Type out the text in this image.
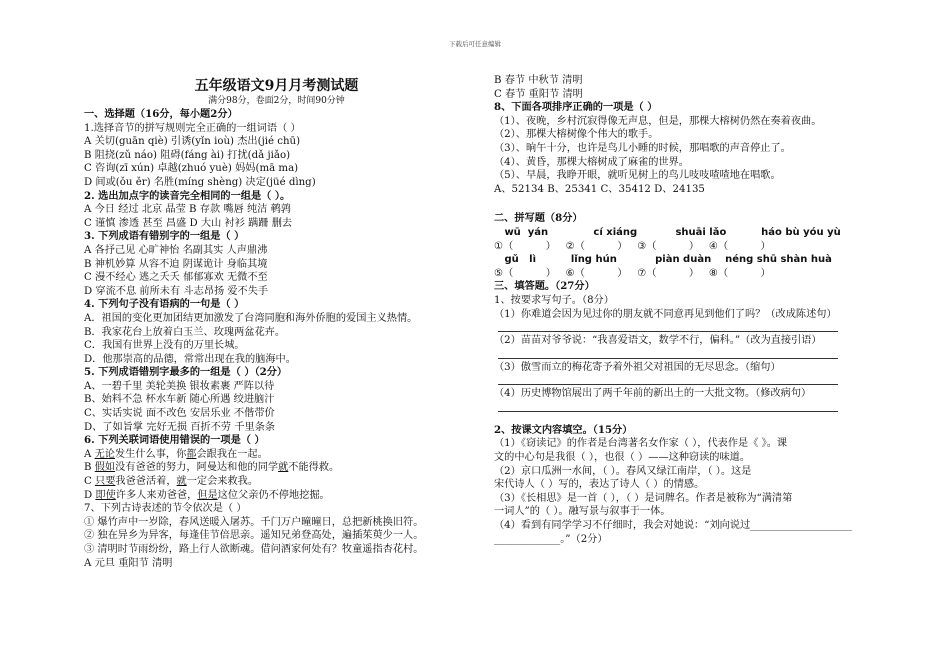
下载后可任意编辑
五年级语文9月月考测试题
满分98分，卷面2分，时间90分钟
一、选择题（16分，每小题2分）
1.选择音节的拼写规则完全正确的一组词语（ ）
A 关切(guān qiè) 引诱(yǐn ioù) 杰出(jié chū)
B 阻挠(zǔ náo) 阻碍(fáng ài) 打扰(dǎ jiǎo)
C 咨询(zī xún) 卓越(zhuó yuè) 妈妈(mā ma)
D 间或(ǒu ěr) 名胜(míng shèng) 决定(jüé dìng)
2. 选出加点字的读音完全相同的一组是（ ）。
A 今日 经过 北京 晶莹 B 存款 嘴唇 纯洁 鹌鹑
C 谨慎 渗透 甚至 昌盛 D 大山 衬衫 蹒跚 删去
3. 下列成语有错别字的一组是（ ）
A 各抒己见 心旷神怡 名副其实 人声鼎沸
B 神机妙算 从容不迫 阴谋诡计 身临其境
C 漫不经心 逃之夭夭 郁郁寡欢 无微不至
D 穿流不息 前所未有 斗志昂扬 爱不失手
4. 下列句子没有语病的一句是（ ）
A．祖国的变化更加团结更加激发了台湾同胞和海外侨胞的爱国主义热情。
B．我家花台上放着白玉兰、玫瑰两盆花卉。
C．我国有世界上没有的万里长城。
D．他那崇高的品德，常常出现在我的脑海中。
5. 下列成语错别字最多的一组是（ ）（2分）
A、一碧千里 美轮美换 银妆素裹 严阵以待
B、始料不急 杯水车新 随心所遇 绞进脑汁
C、实话实说 面不改色 安居乐业 不偕带价
D、了如旨掌 完好无损 百折不劳 千里条条
6. 下列关联词语使用错误的一项是（ ）
A 无论发生什么事，你都会跟我在一起。
B 假如没有爸爸的努力，阿曼达和他的同学就不能得救。
C 只要我爸爸活着，就一定会来救我。
D 即使许多人来劝爸爸，但是这位父亲仍不停地挖掘。
7、下列古诗表述的节令依次是（ ）
① 爆竹声中一岁除，春风送暖入屠苏。千门万户曈曈日，总把新桃换旧符。
② 独在异乡为异客，每逢佳节倍思亲。遥知兄弟登高处，遍插茱萸少一人。
③ 清明时节雨纷纷，路上行人欲断魂。借问酒家何处有？牧童遥指杏花村。
A 元旦 重阳节 清明
B 春节 中秋节 清明
C 春节 重阳节 清明
8、下面各项排序正确的一项是（ ）
（1）、夜晚，乡村沉寂得像无声息，但是，那棵大榕树仍然在奏着夜曲。
（2）、那棵大榕树像个伟大的歌手。
（3）、晌午十分，也许是鸟儿小睡的时候，那唱歌的声音停止了。
（4）、黄昏，那棵大榕树成了麻雀的世界。
（5）、早晨，我睁开眼，就听见树上的鸟儿吱吱喳喳地在唱歌。
A、52134 B、25341 C、35412 D、24135
二、拼写题（8分）
wū  yán             cí xiáng           shuāi lǎo          háo bù yóu yù
①（          ）   ②（          ）   ③（          ）   ④（          ）
gǔ   lì          lǐng hún           piàn duàn    néng shū shàn huà
⑤（          ）   ⑥（          ）   ⑦（          ）   ⑧（          ）
三、填答题。（27分）
1、按要求写句子。（8分）
（1）你难道会因为见过你的朋友就不同意再见到他们了吗？（改成陈述句）
（2）苗苗对爷爷说：“我喜爱语文，数学不行，偏科。”（改为直接引语）
（3）傲雪而立的梅花寄予着外祖父对祖国的无尽思念。（缩句）
（4）历史博物馆展出了两千年前的新出土的一大批文物。（修改病句）
2、按课文内容填空。（15分）
（1）《窃读记》的作者是台湾著名女作家（ ），代表作是《 》。课
文的中心句是我很（ ），也很（ ）——这种窃读的味道。
（2）京口瓜洲一水间，（ ）。春风又绿江南岸，（ ）。这是
宋代诗人（ ）写的，表达了诗人（ ）的情感。
（3）《长相思》是一首（ ），（ ）是词牌名。作者是被称为“满清第
一词人”的（ ）。融写景与叙事于一体。
（4）看到有同学学习不仔细时，我会对她说：“刘向说过____________________
_____________。”（2分）
